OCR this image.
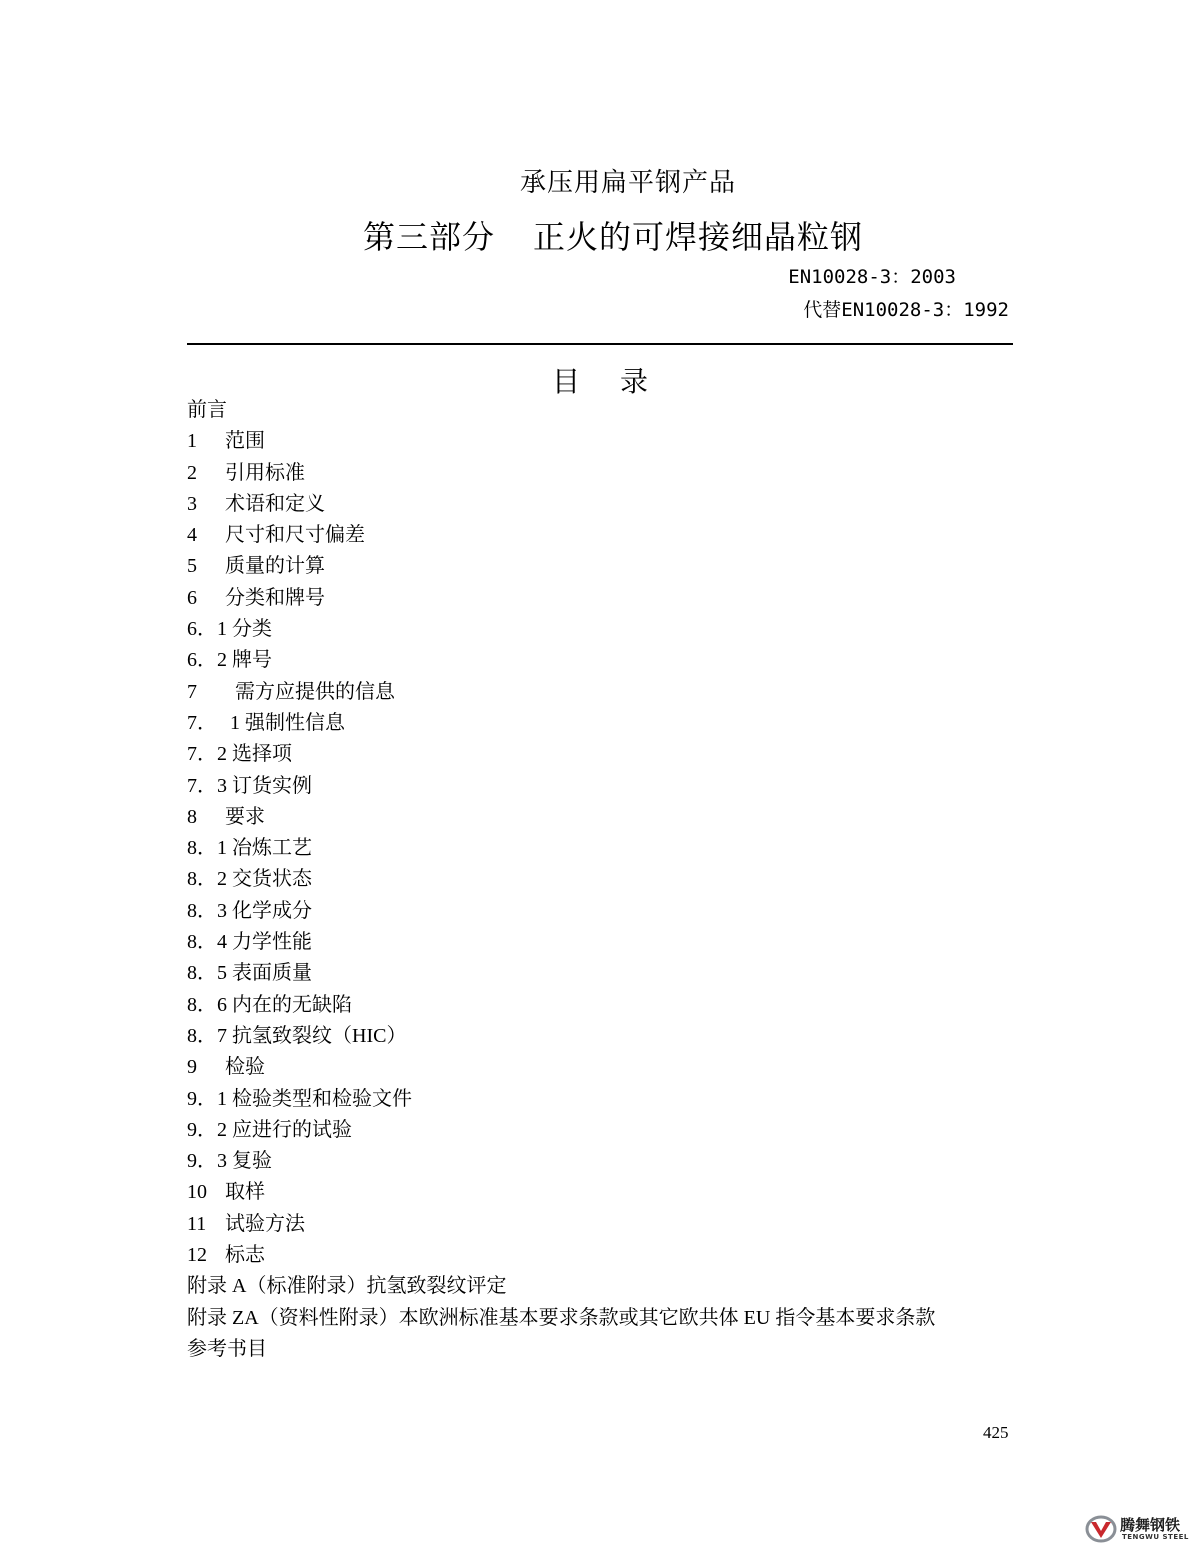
承压用扁平钢产品
第三部分 正火的可焊接细晶粒钢
EN10028-3：2003
代替EN10028-3：1992
目录
前言
1 范围
2 引用标准
3 术语和定义
4 尺寸和尺寸偏差
5 质量的计算
6 分类和牌号
6．1 分类
6．2 牌号
7 需方应提供的信息
7． 1 强制性信息
7．2 选择项
7．3 订货实例
8 要求
8．1 冶炼工艺
8．2 交货状态
8．3 化学成分
8．4 力学性能
8．5 表面质量
8．6 内在的无缺陷
8．7 抗氢致裂纹（HIC）
9 检验
9．1 检验类型和检验文件
9．2 应进行的试验
9．3 复验
10 取样
11 试验方法
12 标志
附录 A（标准附录）抗氢致裂纹评定
附录 ZA（资料性附录）本欧洲标准基本要求条款或其它欧共体 EU 指令基本要求条款
参考书目
425
腾舞钢铁
TENGWU STEEL
